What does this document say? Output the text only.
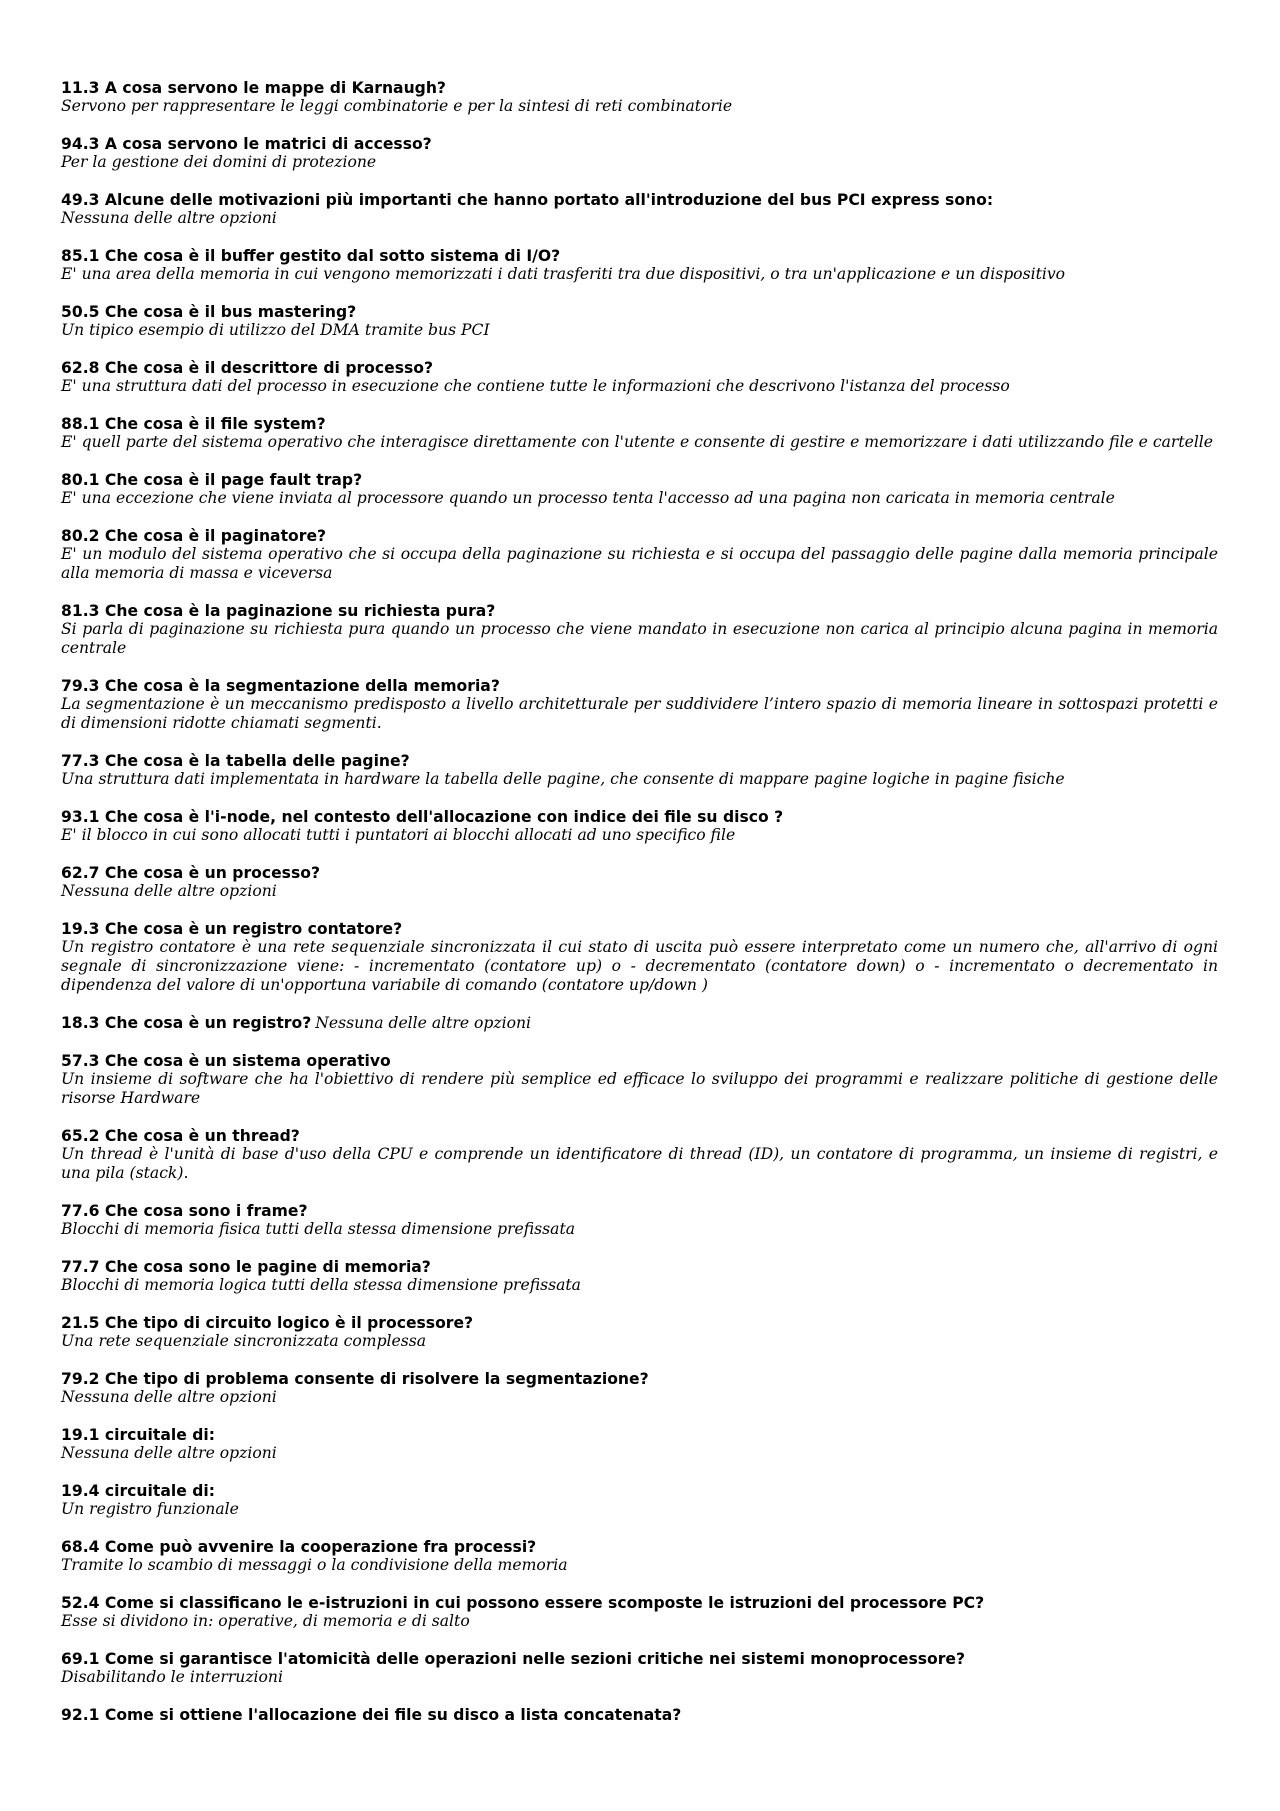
11.3 A cosa servono le mappe di Karnaugh?
Servono per rappresentare le leggi combinatorie e per la sintesi di reti combinatorie
94.3 A cosa servono le matrici di accesso?
Per la gestione dei domini di protezione
49.3 Alcune delle motivazioni più importanti che hanno portato all'introduzione del bus PCI express sono:
Nessuna delle altre opzioni
85.1 Che cosa è il buffer gestito dal sotto sistema di I/O?
E' una area della memoria in cui vengono memorizzati i dati trasferiti tra due dispositivi, o tra un'applicazione e un dispositivo
50.5 Che cosa è il bus mastering?
Un tipico esempio di utilizzo del DMA tramite bus PCI
62.8 Che cosa è il descrittore di processo?
E' una struttura dati del processo in esecuzione che contiene tutte le informazioni che descrivono l'istanza del processo
88.1 Che cosa è il file system?
E' quell parte del sistema operativo che interagisce direttamente con l'utente e consente di gestire e memorizzare i dati utilizzando file e cartelle
80.1 Che cosa è il page fault trap?
E' una eccezione che viene inviata al processore quando un processo tenta l'accesso ad una pagina non caricata in memoria centrale
80.2 Che cosa è il paginatore?
E' un modulo del sistema operativo che si occupa della paginazione su richiesta e si occupa del passaggio delle pagine dalla memoria principale alla memoria di massa e viceversa
81.3 Che cosa è la paginazione su richiesta pura?
Si parla di paginazione su richiesta pura quando un processo che viene mandato in esecuzione non carica al principio alcuna pagina in memoria centrale
79.3 Che cosa è la segmentazione della memoria?
La segmentazione è un meccanismo predisposto a livello architetturale per suddividere l’intero spazio di memoria lineare in sottospazi protetti e di dimensioni ridotte chiamati segmenti.
77.3 Che cosa è la tabella delle pagine?
Una struttura dati implementata in hardware la tabella delle pagine, che consente di mappare pagine logiche in pagine fisiche
93.1 Che cosa è l'i-node, nel contesto dell'allocazione con indice dei file su disco ?
E' il blocco in cui sono allocati tutti i puntatori ai blocchi allocati ad uno specifico file
62.7 Che cosa è un processo?
Nessuna delle altre opzioni
19.3 Che cosa è un registro contatore?
Un registro contatore è una rete sequenziale sincronizzata il cui stato di uscita può essere interpretato come un numero che, all'arrivo di ogni segnale di sincronizzazione viene: - incrementato (contatore up) o - decrementato (contatore down) o - incrementato o decrementato in dipendenza del valore di un'opportuna variabile di comando (contatore up/down )
18.3 Che cosa è un registro? Nessuna delle altre opzioni
57.3 Che cosa è un sistema operativo
Un insieme di software che ha l'obiettivo di rendere più semplice ed efficace lo sviluppo dei programmi e realizzare politiche di gestione delle risorse Hardware
65.2 Che cosa è un thread?
Un thread è l'unità di base d'uso della CPU e comprende un identificatore di thread (ID), un contatore di programma, un insieme di registri, e una pila (stack).
77.6 Che cosa sono i frame?
Blocchi di memoria fisica tutti della stessa dimensione prefissata
77.7 Che cosa sono le pagine di memoria?
Blocchi di memoria logica tutti della stessa dimensione prefissata
21.5 Che tipo di circuito logico è il processore?
Una rete sequenziale sincronizzata complessa
79.2 Che tipo di problema consente di risolvere la segmentazione?
Nessuna delle altre opzioni
19.1 circuitale di:
Nessuna delle altre opzioni
19.4 circuitale di:
Un registro funzionale
68.4 Come può avvenire la cooperazione fra processi?
Tramite lo scambio di messaggi o la condivisione della memoria
52.4 Come si classificano le e-istruzioni in cui possono essere scomposte le istruzioni del processore PC?
Esse si dividono in: operative, di memoria e di salto
69.1 Come si garantisce l'atomicità delle operazioni nelle sezioni critiche nei sistemi monoprocessore?
Disabilitando le interruzioni
92.1 Come si ottiene l'allocazione dei file su disco a lista concatenata?
